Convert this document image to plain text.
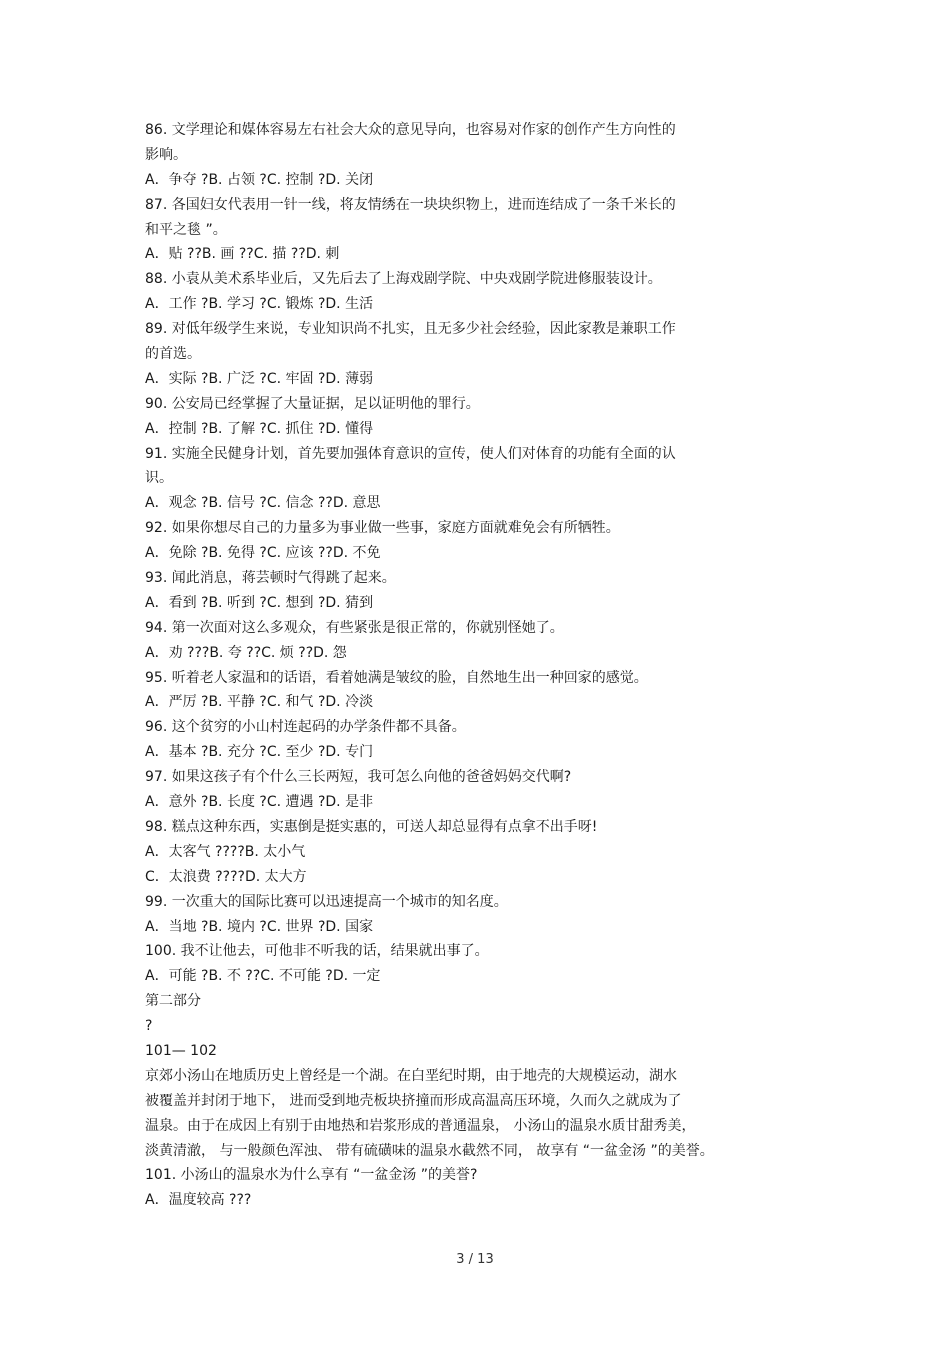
86. 文学理论和媒体容易左右社会大众的意见导向，也容易对作家的创作产生方向性的
影响。
A．争夺 ?B. 占领 ?C. 控制 ?D. 关闭
87. 各国妇女代表用一针一线，将友情绣在一块块织物上，进而连结成了一条千米长的
和平之毯 ”。
A．贴 ??B. 画 ??C. 描 ??D. 刺
88. 小袁从美术系毕业后，又先后去了上海戏剧学院、中央戏剧学院进修服装设计。
A．工作 ?B. 学习 ?C. 锻炼 ?D. 生活
89. 对低年级学生来说，专业知识尚不扎实，且无多少社会经验，因此家教是兼职工作
的首选。
A．实际 ?B. 广泛 ?C. 牢固 ?D. 薄弱
90. 公安局已经掌握了大量证据，足以证明他的罪行。
A．控制 ?B. 了解 ?C. 抓住 ?D. 懂得
91. 实施全民健身计划，首先要加强体育意识的宣传，使人们对体育的功能有全面的认
识。
A．观念 ?B. 信号 ?C. 信念 ??D. 意思
92. 如果你想尽自己的力量多为事业做一些事，家庭方面就难免会有所牺牲。
A．免除 ?B. 免得 ?C. 应该 ??D. 不免
93. 闻此消息，蒋芸顿时气得跳了起来。
A．看到 ?B. 听到 ?C. 想到 ?D. 猜到
94. 第一次面对这么多观众，有些紧张是很正常的，你就别怪她了。
A．劝 ???B. 夸 ??C. 烦 ??D. 怨
95. 听着老人家温和的话语，看着她满是皱纹的脸，自然地生出一种回家的感觉。
A．严厉 ?B. 平静 ?C. 和气 ?D. 冷淡
96. 这个贫穷的小山村连起码的办学条件都不具备。
A．基本 ?B. 充分 ?C. 至少 ?D. 专门
97. 如果这孩子有个什么三长两短，我可怎么向他的爸爸妈妈交代啊?
A．意外 ?B. 长度 ?C. 遭遇 ?D. 是非
98. 糕点这种东西，实惠倒是挺实惠的，可送人却总显得有点拿不出手呀!
A．太客气 ????B. 太小气
C．太浪费 ????D. 太大方
99. 一次重大的国际比赛可以迅速提高一个城市的知名度。
A．当地 ?B. 境内 ?C. 世界 ?D. 国家
100. 我不让他去，可他非不听我的话，结果就出事了。
A．可能 ?B. 不 ??C. 不可能 ?D. 一定
第二部分
?
101— 102
京郊小汤山在地质历史上曾经是一个湖。在白垩纪时期，由于地壳的大规模运动，湖水
被覆盖并封闭于地下， 进而受到地壳板块挤撞而形成高温高压环境，久而久之就成为了
温泉。由于在成因上有别于由地热和岩浆形成的普通温泉， 小汤山的温泉水质甘甜秀美，
淡黄清澈， 与一般颜色浑浊、 带有硫磺味的温泉水截然不同， 故享有 “一盆金汤 ”的美誉。
101. 小汤山的温泉水为什么享有 “一盆金汤 ”的美誉?
A．温度较高 ???
3 / 13
